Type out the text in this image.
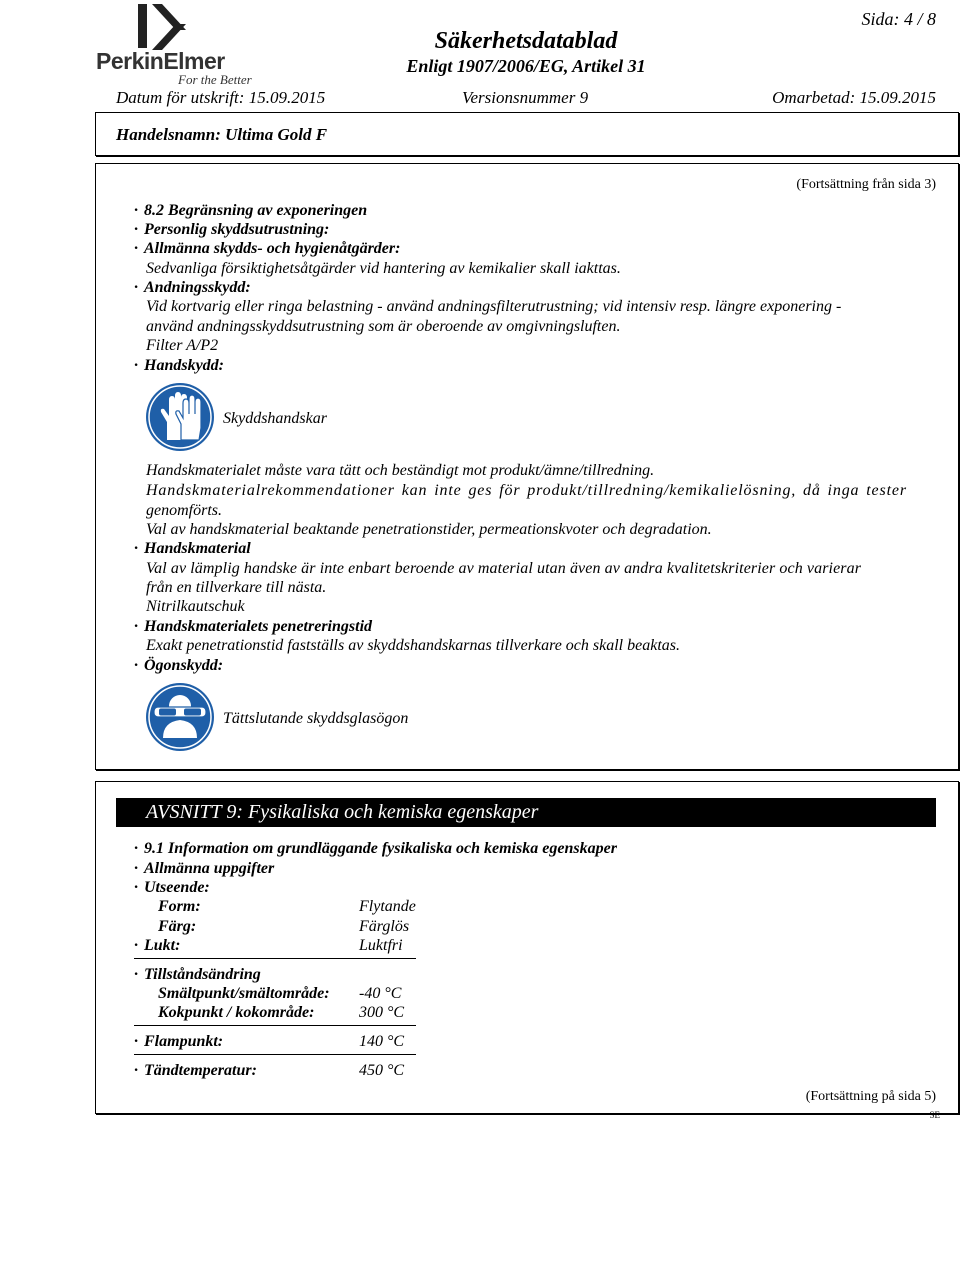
PerkinElmer
For the Better
Säkerhetsdatablad
Enligt 1907/2006/EG, Artikel 31
Sida: 4 / 8
Datum för utskrift: 15.09.2015	Versionsnummer 9	Omarbetad: 15.09.2015
Handelsnamn: Ultima Gold F
(Fortsättning från sida 3)
· 8.2 Begränsning av exponeringen
· Personlig skyddsutrustning:
· Allmänna skydds- och hygienåtgärder:
Sedvanliga försiktighetsåtgärder vid hantering av kemikalier skall iakttas.
· Andningsskydd:
Vid kortvarig eller ringa belastning - använd andningsfilterutrustning; vid intensiv resp. längre exponering -
använd andningsskyddsutrustning som är oberoende av omgivningsluften.
Filter A/P2
· Handskydd:
Skyddshandskar
Handskmaterialet måste vara tätt och beständigt mot produkt/ämne/tillredning.
Handskmaterialrekommendationer kan inte ges för produkt/tillredning/kemikalielösning, då inga tester
genomförts.
Val av handskmaterial beaktande penetrationstider, permeationskvoter och degradation.
· Handskmaterial
Val av lämplig handske är inte enbart beroende av material utan även av andra kvalitetskriterier och varierar
från en tillverkare till nästa.
Nitrilkautschuk
· Handskmaterialets penetreringstid
Exakt penetrationstid fastställs av skyddshandskarnas tillverkare och skall beaktas.
· Ögonskydd:
Tättslutande skyddsglasögon
AVSNITT 9: Fysikaliska och kemiska egenskaper
· 9.1 Information om grundläggande fysikaliska och kemiska egenskaper
· Allmänna uppgifter
· Utseende:
Form:	Flytande
Färg:	Färglös
· Lukt:	Luktfri
· Tillståndsändring
Smältpunkt/smältområde: -40 °C
Kokpunkt / kokområde:	300 °C
· Flampunkt:	140 °C
· Tändtemperatur:	450 °C
(Fortsättning på sida 5)
SE
